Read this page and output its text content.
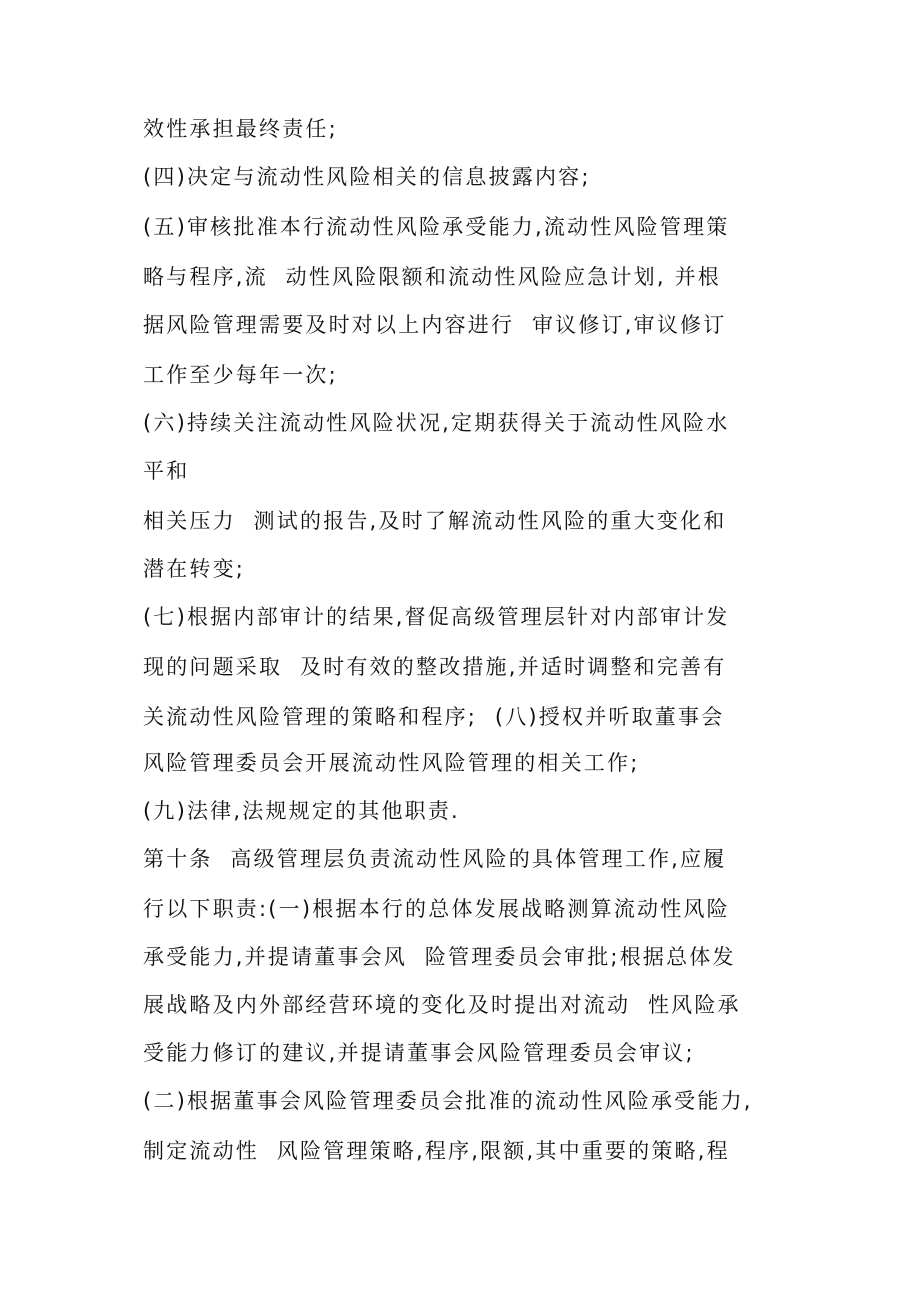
效性承担最终责任;

(四)决定与流动性风险相关的信息披露内容;

(五)审核批准本行流动性风险承受能力,流动性风险管理策

略与程序,流  动性风险限额和流动性风险应急计划, 并根

据风险管理需要及时对以上内容进行  审议修订,审议修订

工作至少每年一次;

(六)持续关注流动性风险状况,定期获得关于流动性风险水

平和

相关压力  测试的报告,及时了解流动性风险的重大变化和

潜在转变;

(七)根据内部审计的结果,督促高级管理层针对内部审计发

现的问题采取  及时有效的整改措施,并适时调整和完善有

关流动性风险管理的策略和程序;  (八)授权并听取董事会

风险管理委员会开展流动性风险管理的相关工作;

(九)法律,法规规定的其他职责.

第十条  高级管理层负责流动性风险的具体管理工作,应履

行以下职责:(一)根据本行的总体发展战略测算流动性风险

承受能力,并提请董事会风  险管理委员会审批;根据总体发

展战略及内外部经营环境的变化及时提出对流动  性风险承

受能力修订的建议,并提请董事会风险管理委员会审议;

(二)根据董事会风险管理委员会批准的流动性风险承受能力,

制定流动性  风险管理策略,程序,限额,其中重要的策略,程
